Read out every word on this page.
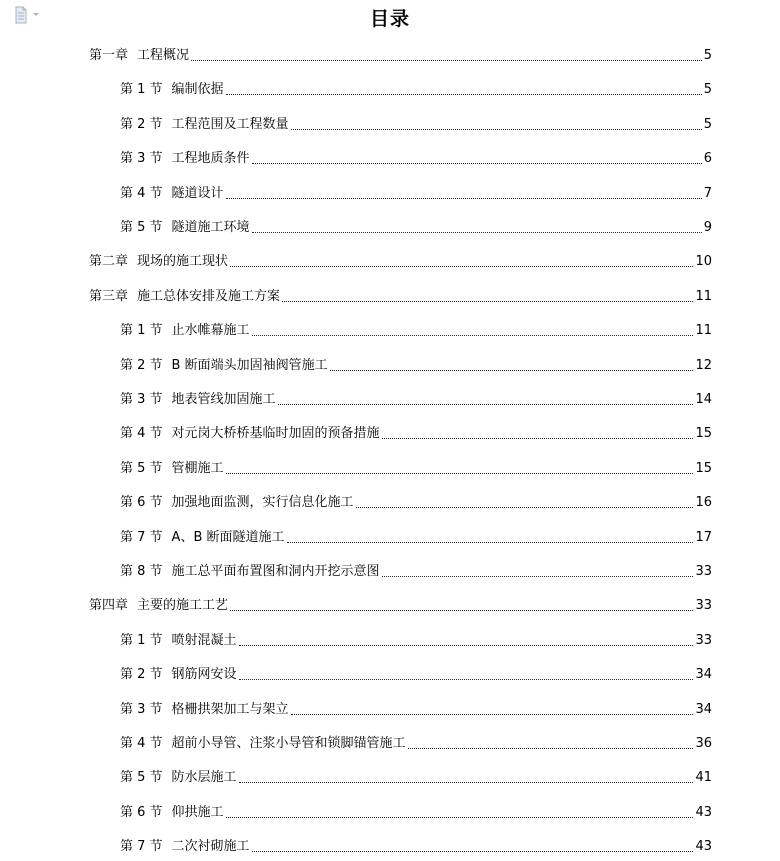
目录
第一章 工程概况	5
第 1 节 编制依据	5
第 2 节 工程范围及工程数量	5
第 3 节 工程地质条件	6
第 4 节 隧道设计	7
第 5 节 隧道施工环境	9
第二章 现场的施工现状	10
第三章 施工总体安排及施工方案	11
第 1 节 止水帷幕施工	11
第 2 节 B 断面端头加固袖阀管施工	12
第 3 节 地表管线加固施工	14
第 4 节 对元岗大桥桥基临时加固的预备措施	15
第 5 节 管棚施工	15
第 6 节 加强地面监测，实行信息化施工	16
第 7 节 A、B 断面隧道施工	17
第 8 节 施工总平面布置图和洞内开挖示意图	33
第四章 主要的施工工艺	33
第 1 节 喷射混凝土	33
第 2 节 钢筋网安设	34
第 3 节 格栅拱架加工与架立	34
第 4 节 超前小导管、注浆小导管和锁脚锚管施工	36
第 5 节 防水层施工	41
第 6 节 仰拱施工	43
第 7 节 二次衬砌施工	43
